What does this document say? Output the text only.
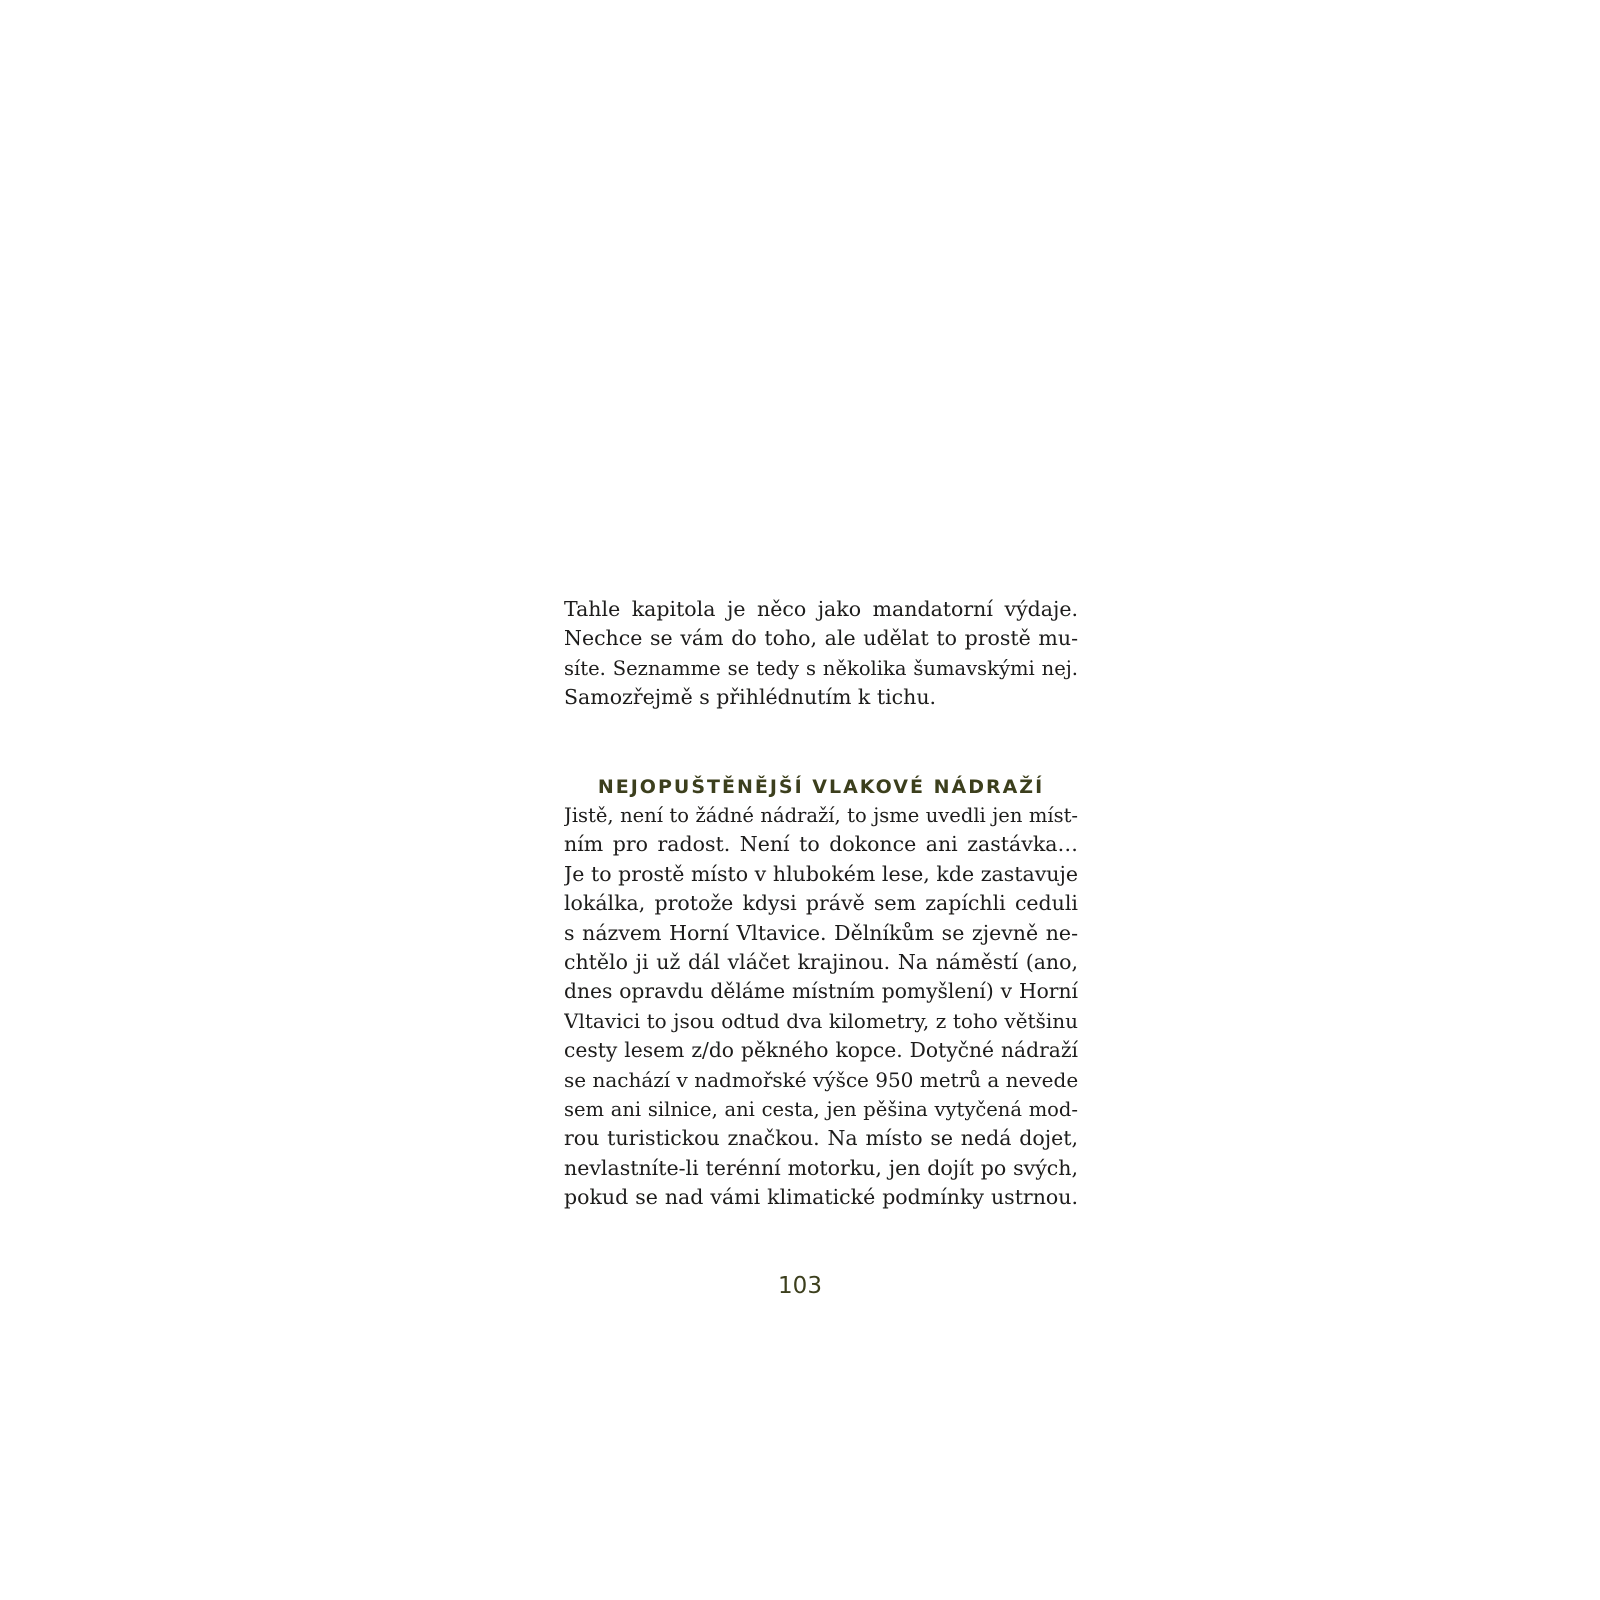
Tahle kapitola je něco jako mandatorní výdaje.
Nechce se vám do toho, ale udělat to prostě mu-
síte. Seznamme se tedy s několika šumavskými nej.
Samozřejmě s přihlédnutím k tichu.

NEJOPUŠTĚNĚJŠÍ VLAKOVÉ NÁDRAŽÍ

Jistě, není to žádné nádraží, to jsme uvedli jen míst-
ním pro radost. Není to dokonce ani zastávka…
Je to prostě místo v hlubokém lese, kde zastavuje
lokálka, protože kdysi právě sem zapíchli ceduli
s názvem Horní Vltavice. Dělníkům se zjevně ne-
chtělo ji už dál vláčet krajinou. Na náměstí (ano,
dnes opravdu děláme místním pomyšlení) v Horní
Vltavici to jsou odtud dva kilometry, z toho většinu
cesty lesem z/do pěkného kopce. Dotyčné nádraží
se nachází v nadmořské výšce 950 metrů a nevede
sem ani silnice, ani cesta, jen pěšina vytyčená mod-
rou turistickou značkou. Na místo se nedá dojet,
nevlastníte-li terénní motorku, jen dojít po svých,
pokud se nad vámi klimatické podmínky ustrnou.

103
